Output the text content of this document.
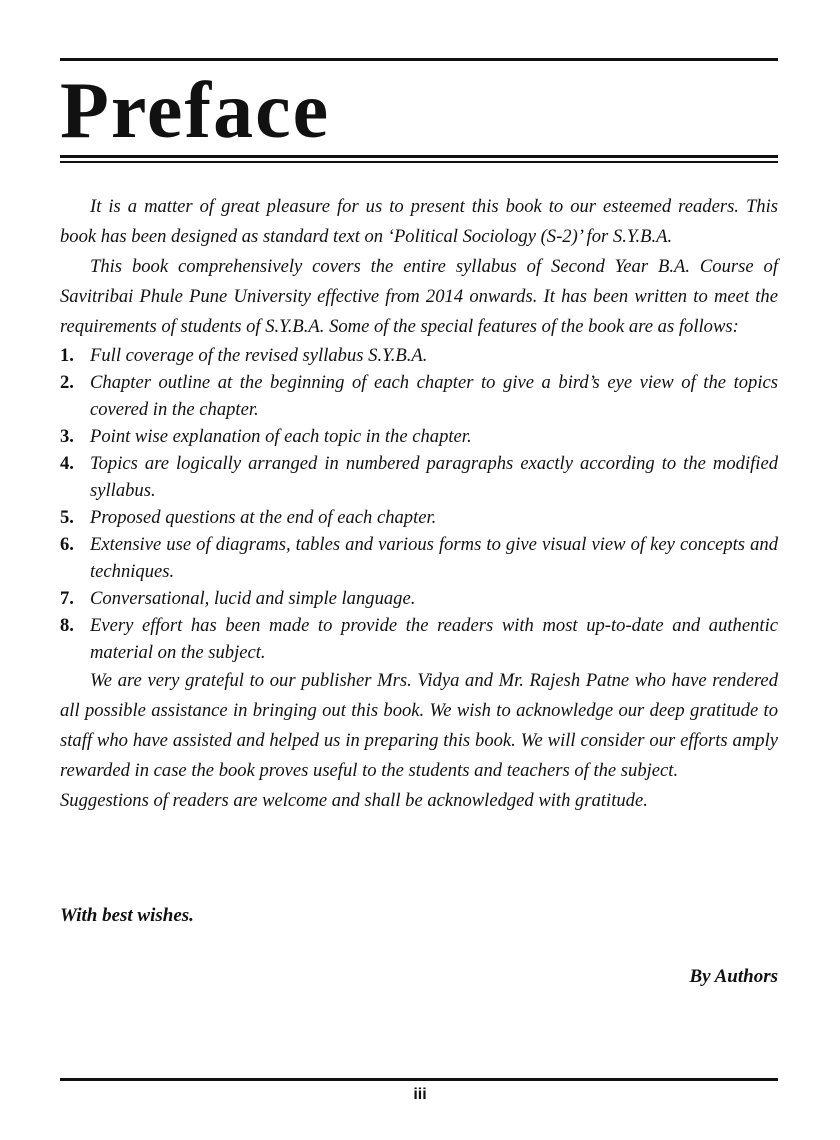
Preface

It is a matter of great pleasure for us to present this book to our esteemed readers. This book has been designed as standard text on ‘Political Sociology (S-2)’ for S.Y.B.A.

This book comprehensively covers the entire syllabus of Second Year B.A. Course of Savitribai Phule Pune University effective from 2014 onwards. It has been written to meet the requirements of students of S.Y.B.A. Some of the special features of the book are as follows:

1. Full coverage of the revised syllabus S.Y.B.A.
2. Chapter outline at the beginning of each chapter to give a bird’s eye view of the topics covered in the chapter.
3. Point wise explanation of each topic in the chapter.
4. Topics are logically arranged in numbered paragraphs exactly according to the modified syllabus.
5. Proposed questions at the end of each chapter.
6. Extensive use of diagrams, tables and various forms to give visual view of key concepts and techniques.
7. Conversational, lucid and simple language.
8. Every effort has been made to provide the readers with most up-to-date and authentic material on the subject.

We are very grateful to our publisher Mrs. Vidya and Mr. Rajesh Patne who have rendered all possible assistance in bringing out this book. We wish to acknowledge our deep gratitude to staff who have assisted and helped us in preparing this book. We will consider our efforts amply rewarded in case the book proves useful to the students and teachers of the subject.

Suggestions of readers are welcome and shall be acknowledged with gratitude.

With best wishes.

By Authors

iii
